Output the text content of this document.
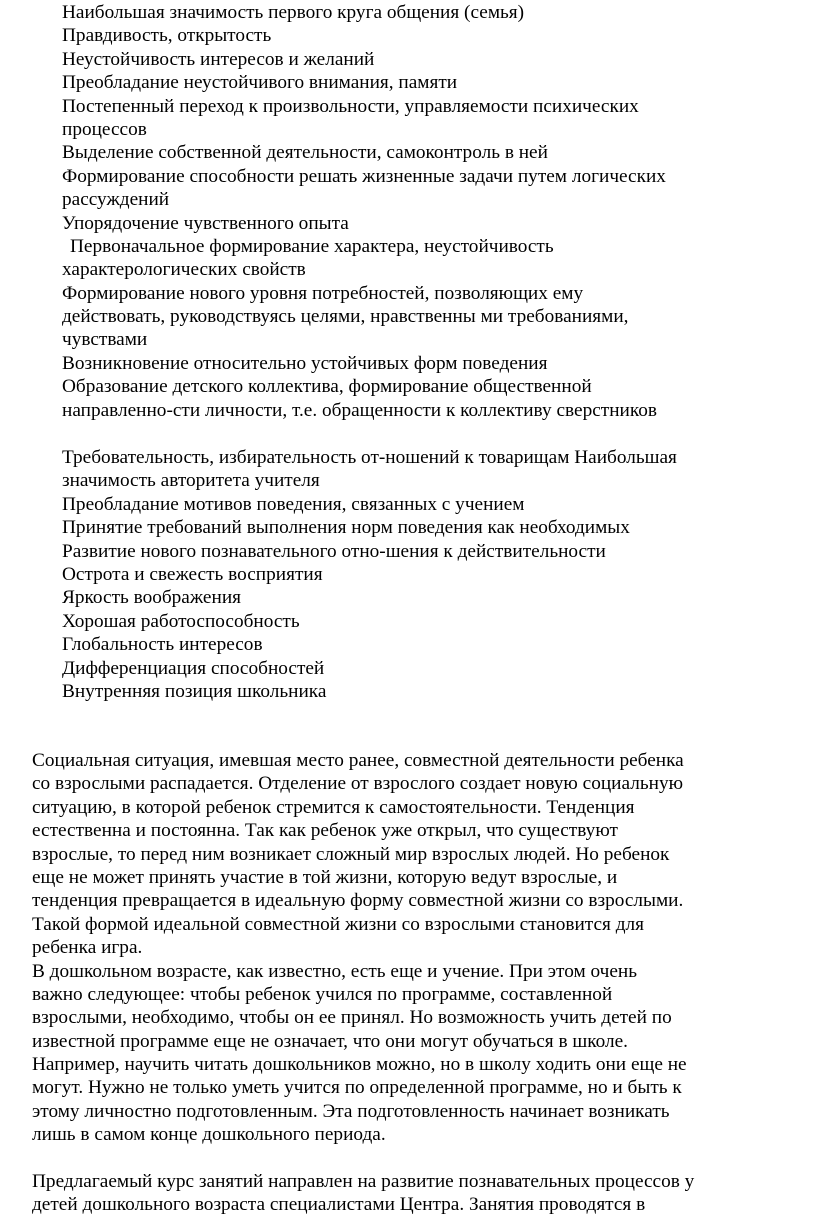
Наибольшая значимость первого круга общения (семья)
Правдивость, открытость
Неустойчивость интересов и желаний
Преобладание неустойчивого внимания, памяти
Постепенный переход к произвольности, управляемости психических
процессов
Выделение собственной деятельности, самоконтроль в ней
Формирование способности решать жизненные задачи путем логических
рассуждений
Упорядочение чувственного опыта
Первоначальное формирование характера, неустойчивость
характерологических свойств
Формирование нового уровня потребностей, позволяющих ему
действовать, руководствуясь целями, нравственны ми требованиями,
чувствами
Возникновение относительно устойчивых форм поведения
Образование детского коллектива, формирование общественной
направленно-сти личности, т.е. обращенности к коллективу сверстников
Требовательность, избирательность от-ношений к товарищам Наибольшая
значимость авторитета учителя
Преобладание мотивов поведения, связанных с учением
Принятие требований выполнения норм поведения как необходимых
Развитие нового познавательного отно-шения к действительности
Острота и свежесть восприятия
Яркость воображения
Хорошая работоспособность
Глобальность интересов
Дифференциация способностей
Внутренняя позиция школьника
Социальная ситуация, имевшая место ранее, совместной деятельности ребенка
со взрослыми распадается. Отделение от взрослого создает новую социальную
ситуацию, в которой ребенок стремится к самостоятельности. Тенденция
естественна и постоянна. Так как ребенок уже открыл, что существуют
взрослые, то перед ним возникает сложный мир взрослых людей. Но ребенок
еще не может принять участие в той жизни, которую ведут взрослые, и
тенденция превращается в идеальную форму совместной жизни со взрослыми.
Такой формой идеальной совместной жизни со взрослыми становится для
ребенка игра.
В дошкольном возрасте, как известно, есть еще и учение. При этом очень
важно следующее: чтобы ребенок учился по программе, составленной
взрослыми, необходимо, чтобы он ее принял. Но возможность учить детей по
известной программе еще не означает, что они могут обучаться в школе.
Например, научить читать дошкольников можно, но в школу ходить они еще не
могут. Нужно не только уметь учится по определенной программе, но и быть к
этому личностно подготовленным. Эта подготовленность начинает возникать
лишь в самом конце дошкольного периода.
Предлагаемый курс занятий направлен на развитие познавательных процессов у
детей дошкольного возраста специалистами Центра. Занятия проводятся в
